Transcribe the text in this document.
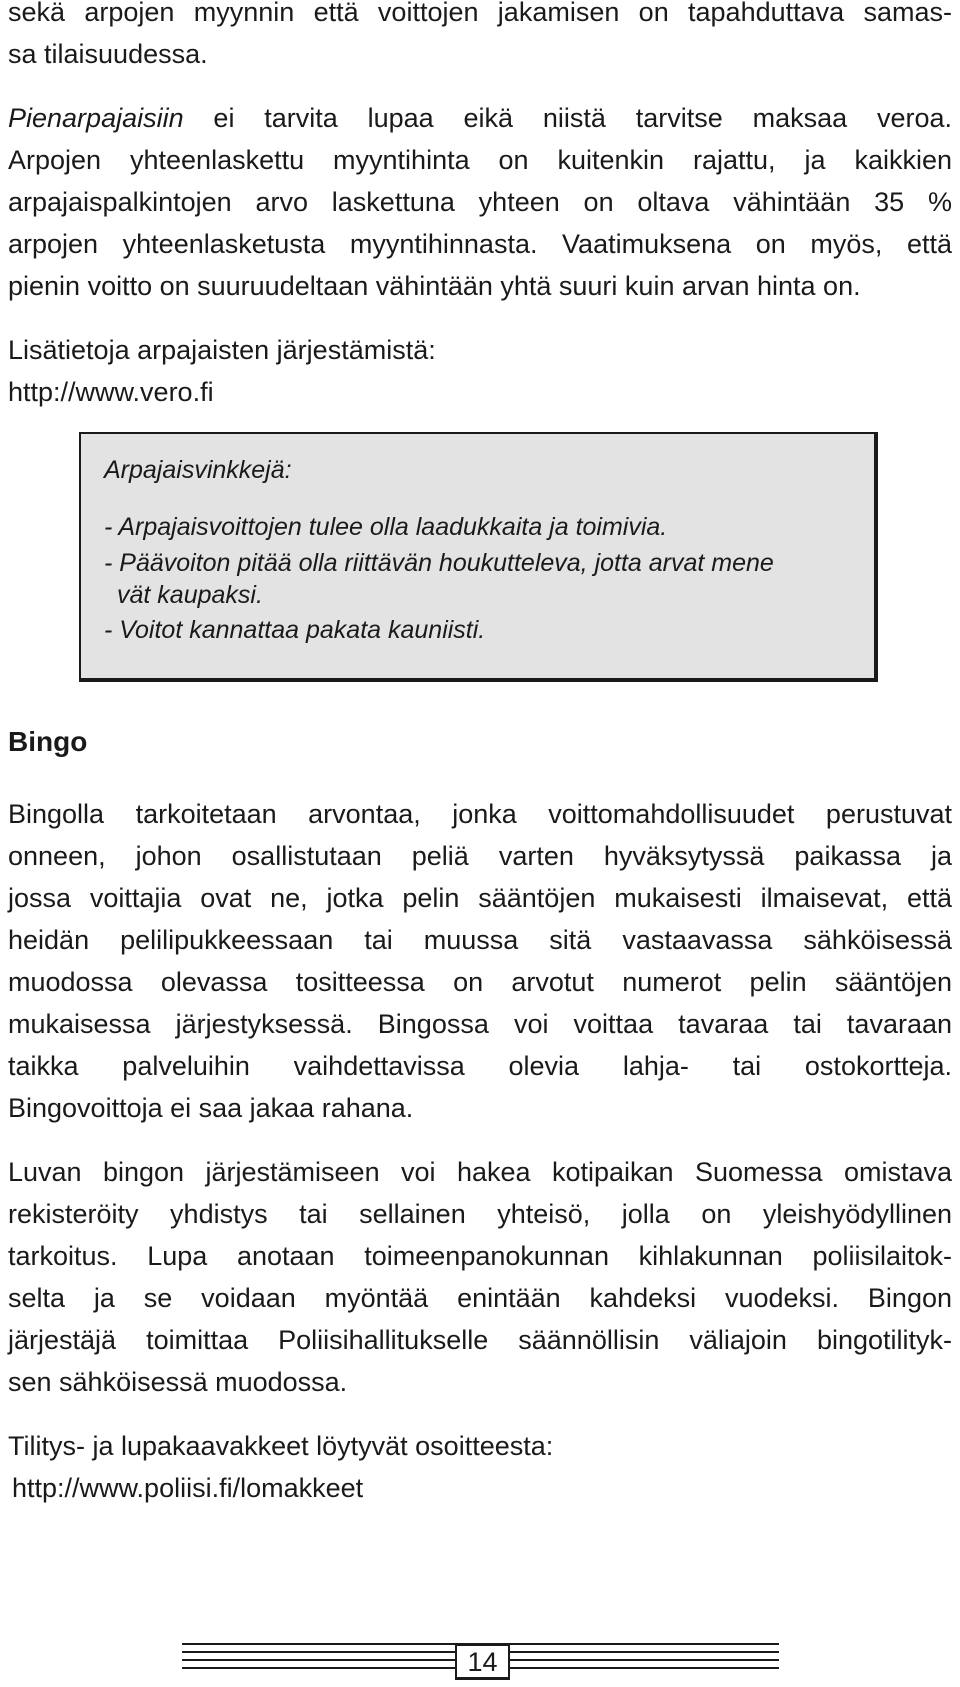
sekä arpojen myynnin että voittojen jakamisen on tapahduttava samas-
sa tilaisuudessa.
Pienarpajaisiin ei tarvita lupaa eikä niistä tarvitse maksaa veroa.
Arpojen yhteenlaskettu myyntihinta on kuitenkin rajattu, ja kaikkien
arpajaispalkintojen arvo laskettuna yhteen on oltava vähintään 35 %
arpojen yhteenlasketusta myyntihinnasta. Vaatimuksena on myös, että
pienin voitto on suuruudeltaan vähintään yhtä suuri kuin arvan hinta on.
Lisätietoja arpajaisten järjestämistä:
http://www.vero.fi
Bingo
Bingolla tarkoitetaan arvontaa, jonka voittomahdollisuudet perustuvat
onneen, johon osallistutaan peliä varten hyväksytyssä paikassa ja
jossa voittajia ovat ne, jotka pelin sääntöjen mukaisesti ilmaisevat, että
heidän pelilipukkeessaan tai muussa sitä vastaavassa sähköisessä
muodossa olevassa tositteessa on arvotut numerot pelin sääntöjen
mukaisessa järjestyksessä. Bingossa voi voittaa tavaraa tai tavaraan
taikka palveluihin vaihdettavissa olevia lahja- tai ostokortteja.
Bingovoittoja ei saa jakaa rahana.
Luvan bingon järjestämiseen voi hakea kotipaikan Suomessa omistava
rekisteröity yhdistys tai sellainen yhteisö, jolla on yleishyödyllinen
tarkoitus. Lupa anotaan toimeenpanokunnan kihlakunnan poliisilaitok-
selta ja se voidaan myöntää enintään kahdeksi vuodeksi. Bingon
järjestäjä toimittaa Poliisihallitukselle säännöllisin väliajoin bingotilityk-
sen sähköisessä muodossa.
Tilitys- ja lupakaavakkeet löytyvät osoitteesta:
http://www.poliisi.fi/lomakkeet
Arpajaisvinkkejä:
- Arpajaisvoittojen tulee olla laadukkaita ja toimivia.
- Päävoiton pitää olla riittävän houkutteleva, jotta arvat mene
vät kaupaksi.
- Voitot kannattaa pakata kauniisti.
14
